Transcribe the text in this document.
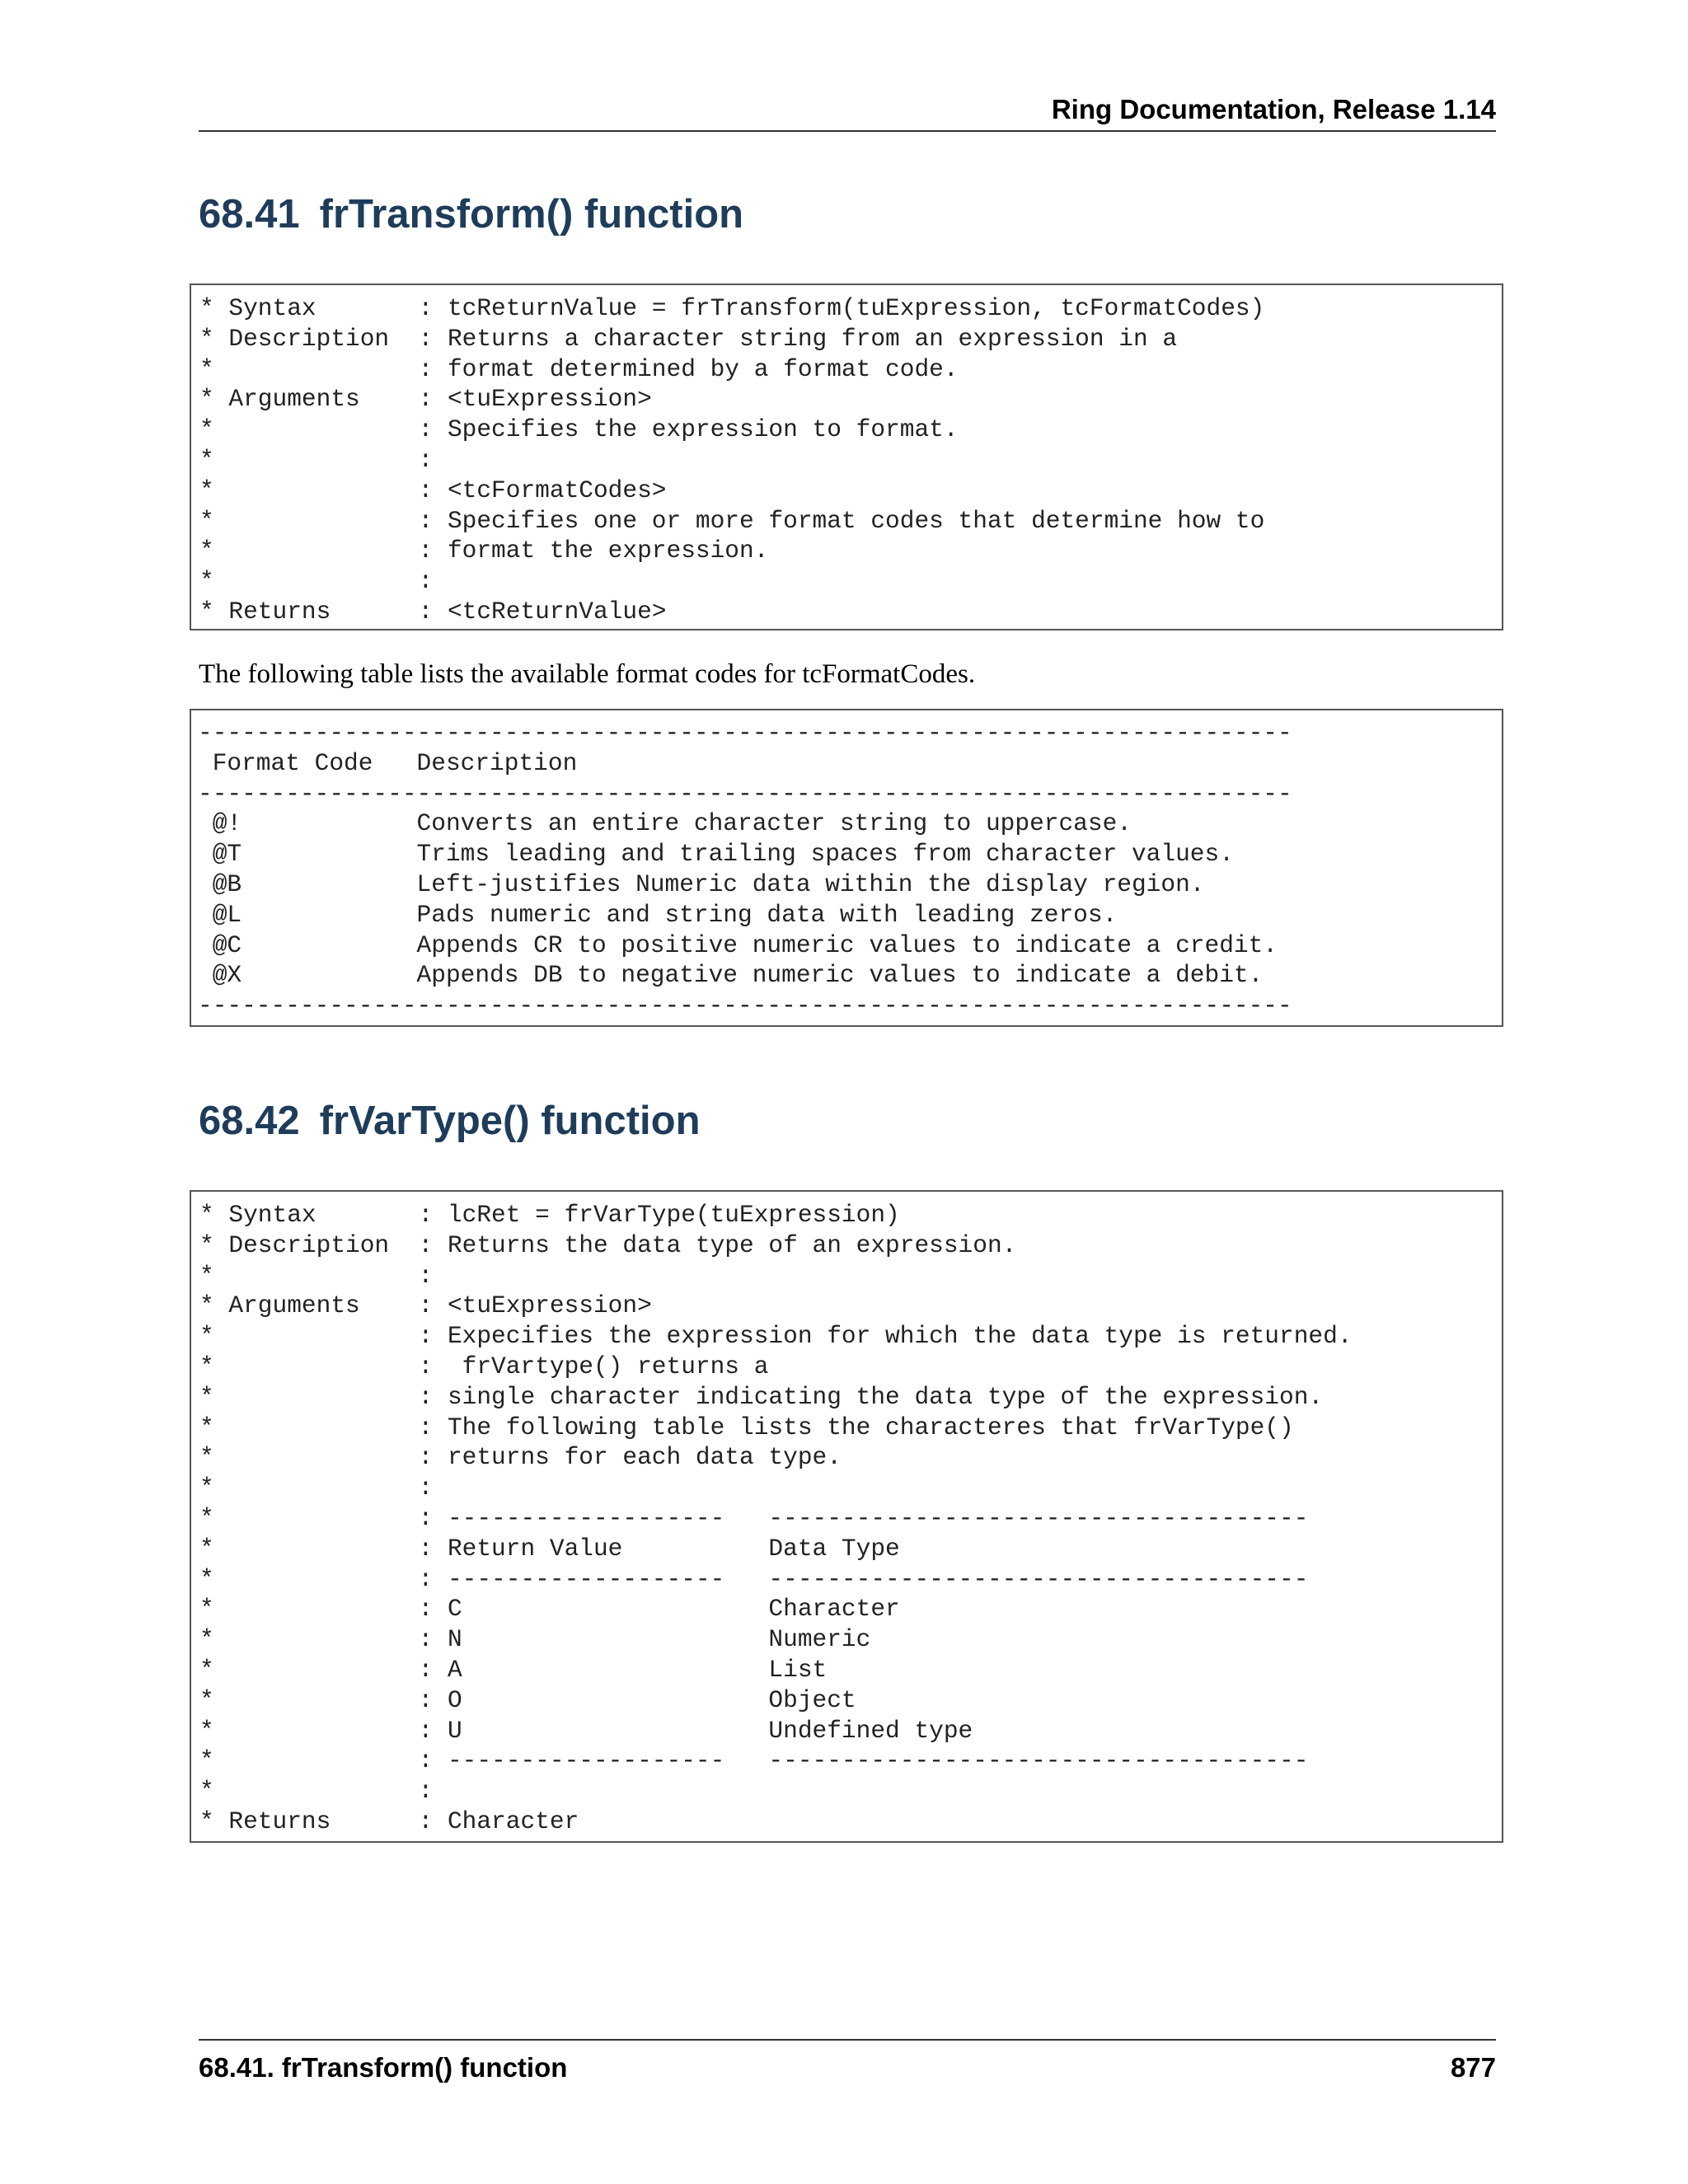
Ring Documentation, Release 1.14
68.41 frTransform() function
* Syntax       : tcReturnValue = frTransform(tuExpression, tcFormatCodes)
* Description  : Returns a character string from an expression in a
*              : format determined by a format code.
* Arguments    : <tuExpression>
*              : Specifies the expression to format.
*              :
*              : <tcFormatCodes>
*              : Specifies one or more format codes that determine how to
*              : format the expression.
*              :
* Returns      : <tcReturnValue>

The following table lists the available format codes for tcFormatCodes.

---------------------------------------------------------------------------
Format Code   Description
---------------------------------------------------------------------------
@!            Converts an entire character string to uppercase.
@T            Trims leading and trailing spaces from character values.
@B            Left-justifies Numeric data within the display region.
@L            Pads numeric and string data with leading zeros.
@C            Appends CR to positive numeric values to indicate a credit.
@X            Appends DB to negative numeric values to indicate a debit.
---------------------------------------------------------------------------
68.42 frVarType() function
* Syntax       : lcRet = frVarType(tuExpression)
* Description  : Returns the data type of an expression.
*              :
* Arguments    : <tuExpression>
*              : Expecifies the expression for which the data type is returned.
*              :  frVartype() returns a
*              : single character indicating the data type of the expression.
*              : The following table lists the characteres that frVarType()
*              : returns for each data type.
*              :
*              : -------------------   -------------------------------------
*              : Return Value          Data Type
*              : -------------------   -------------------------------------
*              : C                     Character
*              : N                     Numeric
*              : A                     List
*              : O                     Object
*              : U                     Undefined type
*              : -------------------   -------------------------------------
*              :
* Returns      : Character
68.41. frTransform() function	877
